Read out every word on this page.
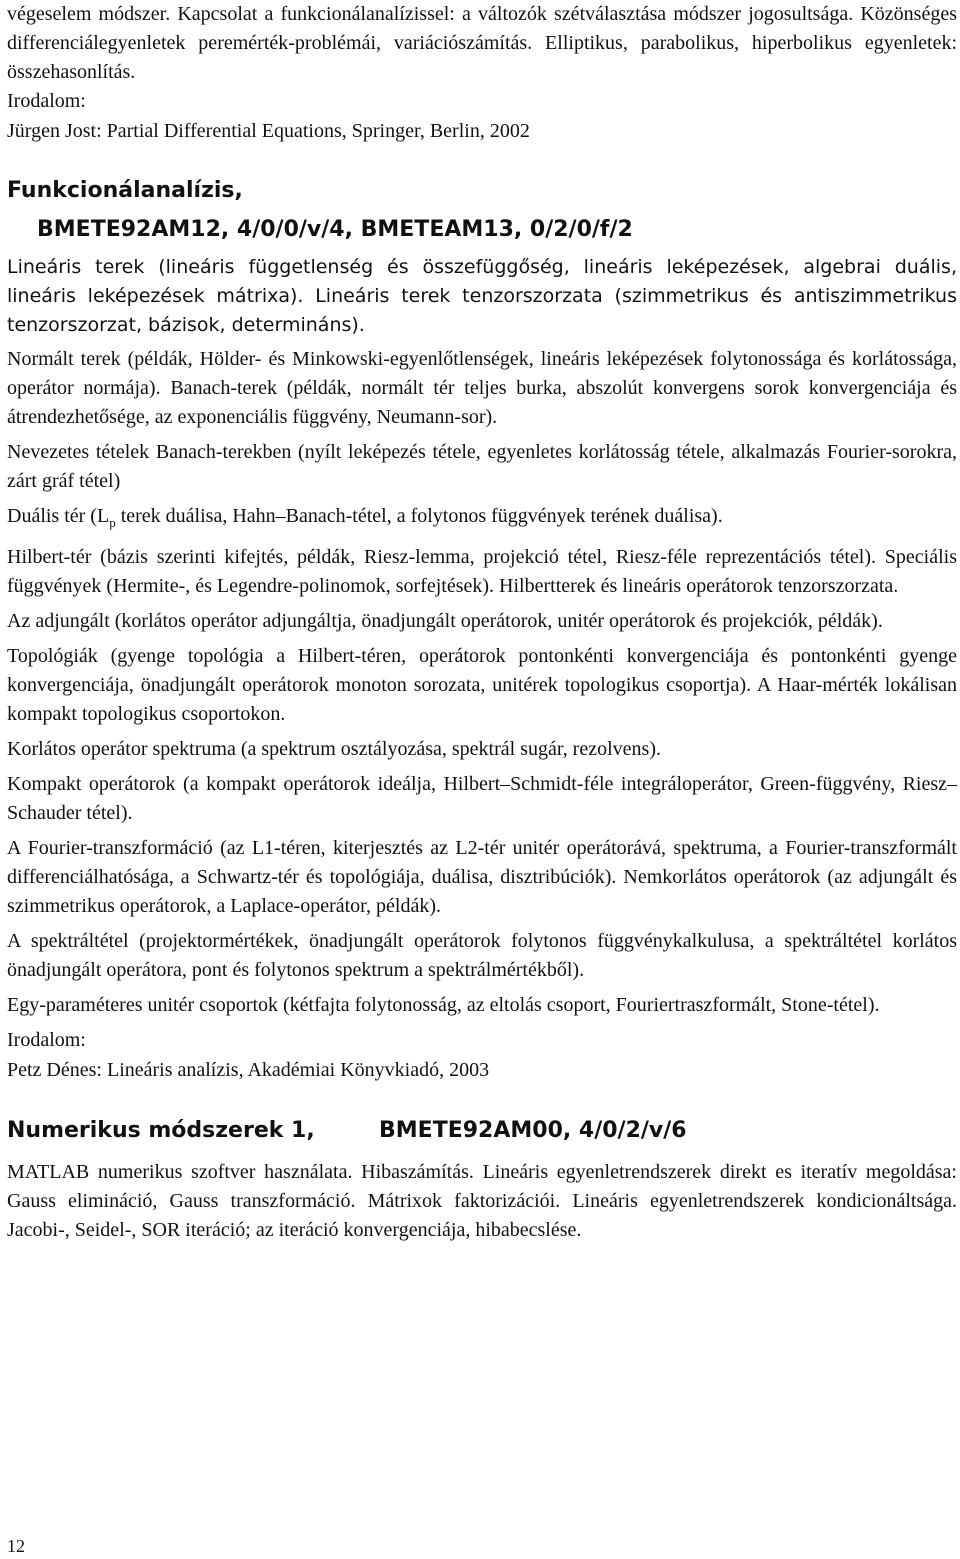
végeselem módszer. Kapcsolat a funkcionálanalízissel: a változók szétválasztása módszer jogosultsága. Közönséges differenciálegyenletek peremérték-problémái, variációszámítás. Elliptikus, parabolikus, hiperbolikus egyenletek: összehasonlítás.

Irodalom:

Jürgen Jost: Partial Differential Equations, Springer, Berlin, 2002

Funkcionálanalízis,

BMETE92AM12, 4/0/0/v/4, BMETEAM13, 0/2/0/f/2

Lineáris terek (lineáris függetlenség és összefüggőség, lineáris leképezések, algebrai duális, lineáris leképezések mátrixa). Lineáris terek tenzorszorzata (szimmetrikus és antiszimmetrikus tenzorszorzat, bázisok, determináns).

Normált terek (példák, Hölder- és Minkowski-egyenlőtlenségek, lineáris leképezések folytonossága és korlátossága, operátor normája). Banach-terek (példák, normált tér teljes burka, abszolút konvergens sorok konvergenciája és átrendezhetősége, az exponenciális függvény, Neumann-sor).

Nevezetes tételek Banach-terekben (nyílt leképezés tétele, egyenletes korlátosság tétele, alkalmazás Fourier-sorokra, zárt gráf tétel)

Duális tér ($L_p$ terek duálisa, Hahn–Banach-tétel, a folytonos függvények terének duálisa).

Hilbert-tér (bázis szerinti kifejtés, példák, Riesz-lemma, projekció tétel, Riesz-féle reprezentációs tétel). Speciális függvények (Hermite-, és Legendre-polinomok, sorfejtések). Hilbertterek és lineáris operátorok tenzorszorzata.

Az adjungált (korlátos operátor adjungáltja, önadjungált operátorok, unitér operátorok és projekciók, példák).

Topológiák (gyenge topológia a Hilbert-téren, operátorok pontonkénti konvergenciája és pontonkénti gyenge konvergenciája, önadjungált operátorok monoton sorozata, unitérek topologikus csoportja). A Haar-mérték lokálisan kompakt topologikus csoportokon.

Korlátos operátor spektruma (a spektrum osztályozása, spektrál sugár, rezolvens).

Kompakt operátorok (a kompakt operátorok ideálja, Hilbert–Schmidt-féle integráloperátor, Green-függvény, Riesz–Schauder tétel).

A Fourier-transzformáció (az L1-téren, kiterjesztés az L2-tér unitér operátorává, spektruma, a Fourier-transzformált differenciálhatósága, a Schwartz-tér és topológiája, duálisa, disztribúciók). Nemkorlátos operátorok (az adjungált és szimmetrikus operátorok, a Laplace-operátor, példák).

A spektráltétel (projektormértékek, önadjungált operátorok folytonos függvénykalkulusa, a spektráltétel korlátos önadjungált operátora, pont és folytonos spektrum a spektrálmértékből).

Egy-paraméteres unitér csoportok (kétfajta folytonosság, az eltolás csoport, Fouriertraszformált, Stone-tétel).

Irodalom:

Petz Dénes: Lineáris analízis, Akadémiai Könyvkiadó, 2003

Numerikus módszerek 1,	BMETE92AM00, 4/0/2/v/6

MATLAB numerikus szoftver használata. Hibaszámítás. Lineáris egyenletrendszerek direkt es iteratív megoldása: Gauss elimináció, Gauss transzformáció. Mátrixok faktorizációi. Lineáris egyenletrendszerek kondicionáltsága. Jacobi-, Seidel-, SOR iteráció; az iteráció konvergenciája, hibabecslése.

12
